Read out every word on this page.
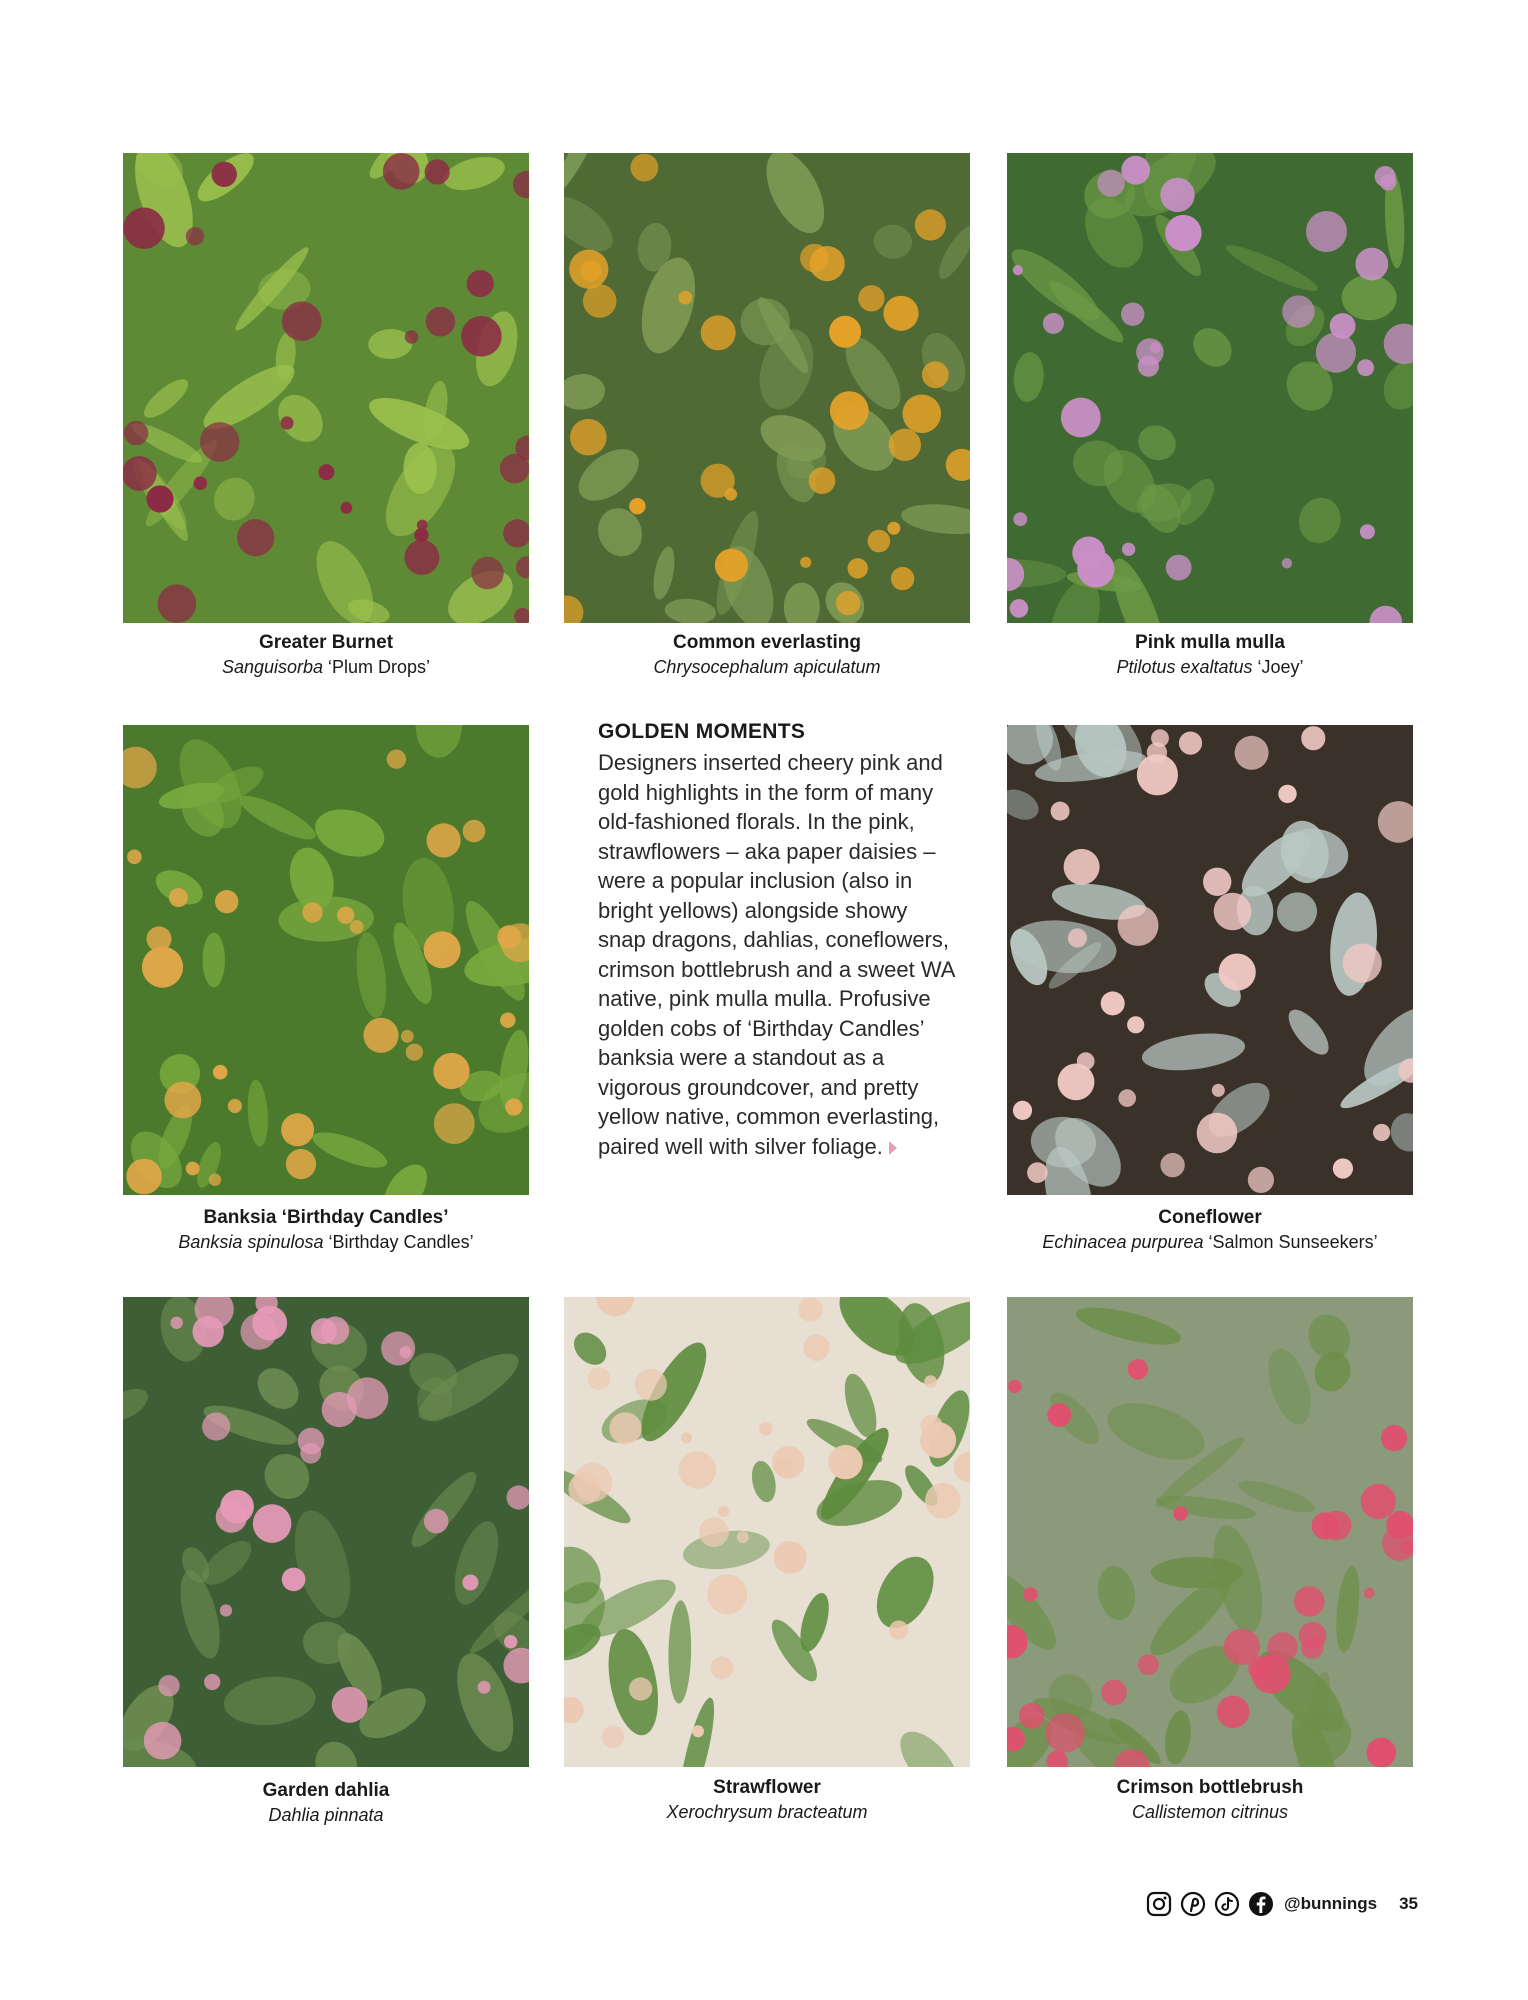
Greater Burnet
Sanguisorba ‘Plum Drops’
Common everlasting
Chrysocephalum apiculatum
Pink mulla mulla
Ptilotus exaltatus ‘Joey’
Banksia ‘Birthday Candles’
Banksia spinulosa ‘Birthday Candles’
Coneflower
Echinacea purpurea ‘Salmon Sunseekers’
Garden dahlia
Dahlia pinnata
Strawflower
Xerochrysum bracteatum
Crimson bottlebrush
Callistemon citrinus
GOLDEN MOMENTS

Designers inserted cheery pink and gold highlights in the form of many old-fashioned florals. In the pink, strawflowers – aka paper daisies – were a popular inclusion (also in bright yellows) alongside showy snap dragons, dahlias, coneflowers, crimson bottlebrush and a sweet WA native, pink mulla mulla. Profusive golden cobs of ‘Birthday Candles’ banksia were a standout as a vigorous groundcover, and pretty yellow native, common everlasting, paired well with silver foliage.

@bunnings 35
